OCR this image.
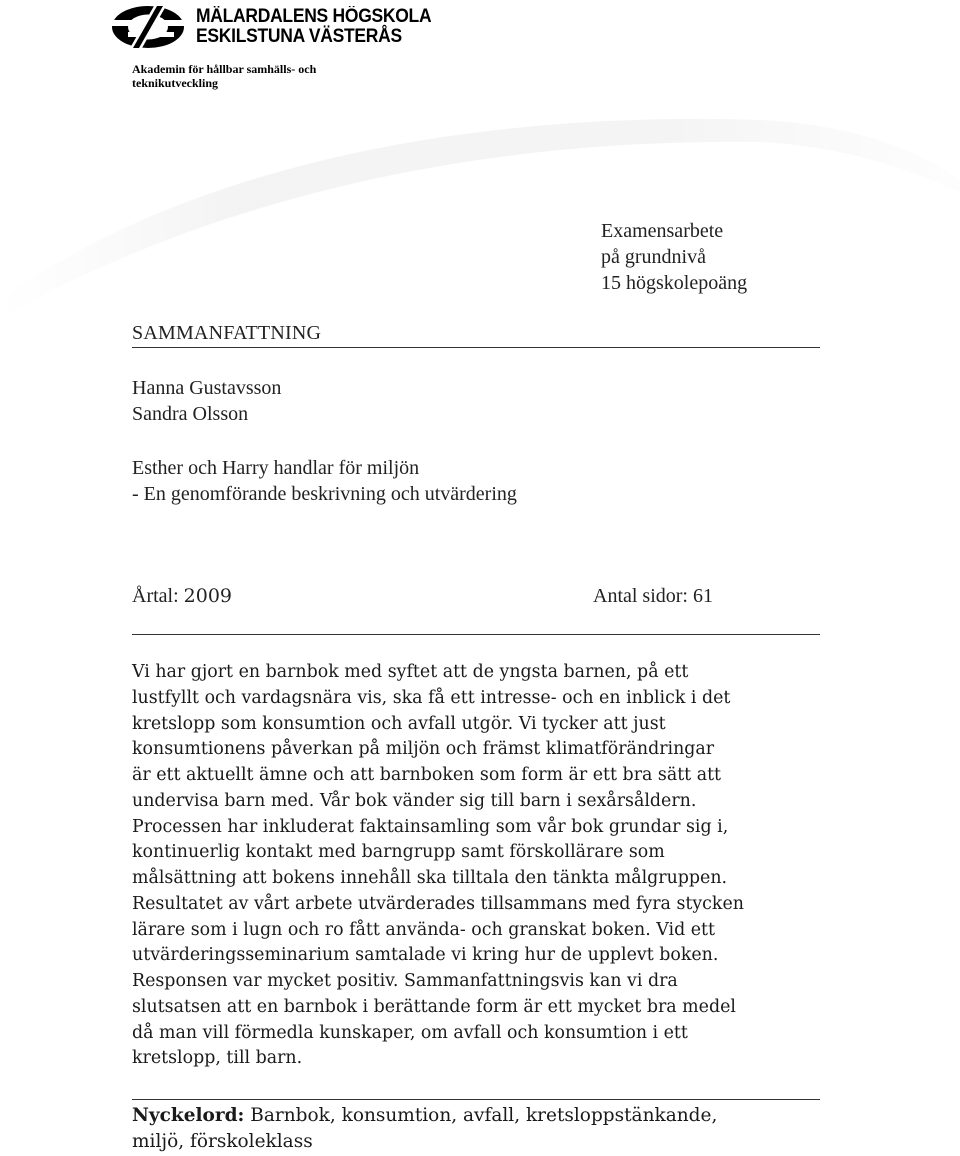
MÄLARDALENS HÖGSKOLA
ESKILSTUNA VÄSTERÅS
Akademin för hållbar samhälls- och teknikutveckling
Examensarbete
på grundnivå
15 högskolepoäng
SAMMANFATTNING
Hanna Gustavsson
Sandra Olsson
Esther och Harry handlar för miljön
- En genomförande beskrivning och utvärdering
Årtal: 2009	Antal sidor: 61
Vi har gjort en barnbok med syftet att de yngsta barnen, på ett
lustfyllt och vardagsnära vis, ska få ett intresse- och en inblick i det
kretslopp som konsumtion och avfall utgör. Vi tycker att just
konsumtionens påverkan på miljön och främst klimatförändringar
är ett aktuellt ämne och att barnboken som form är ett bra sätt att
undervisa barn med. Vår bok vänder sig till barn i sexårsåldern.
Processen har inkluderat faktainsamling som vår bok grundar sig i,
kontinuerlig kontakt med barngrupp samt förskollärare som
målsättning att bokens innehåll ska tilltala den tänkta målgruppen.
Resultatet av vårt arbete utvärderades tillsammans med fyra stycken
lärare som i lugn och ro fått använda- och granskat boken. Vid ett
utvärderingsseminarium samtalade vi kring hur de upplevt boken.
Responsen var mycket positiv. Sammanfattningsvis kan vi dra
slutsatsen att en barnbok i berättande form är ett mycket bra medel
då man vill förmedla kunskaper, om avfall och konsumtion i ett
kretslopp, till barn.
Nyckelord: Barnbok, konsumtion, avfall, kretsloppstänkande,
miljö, förskoleklass
